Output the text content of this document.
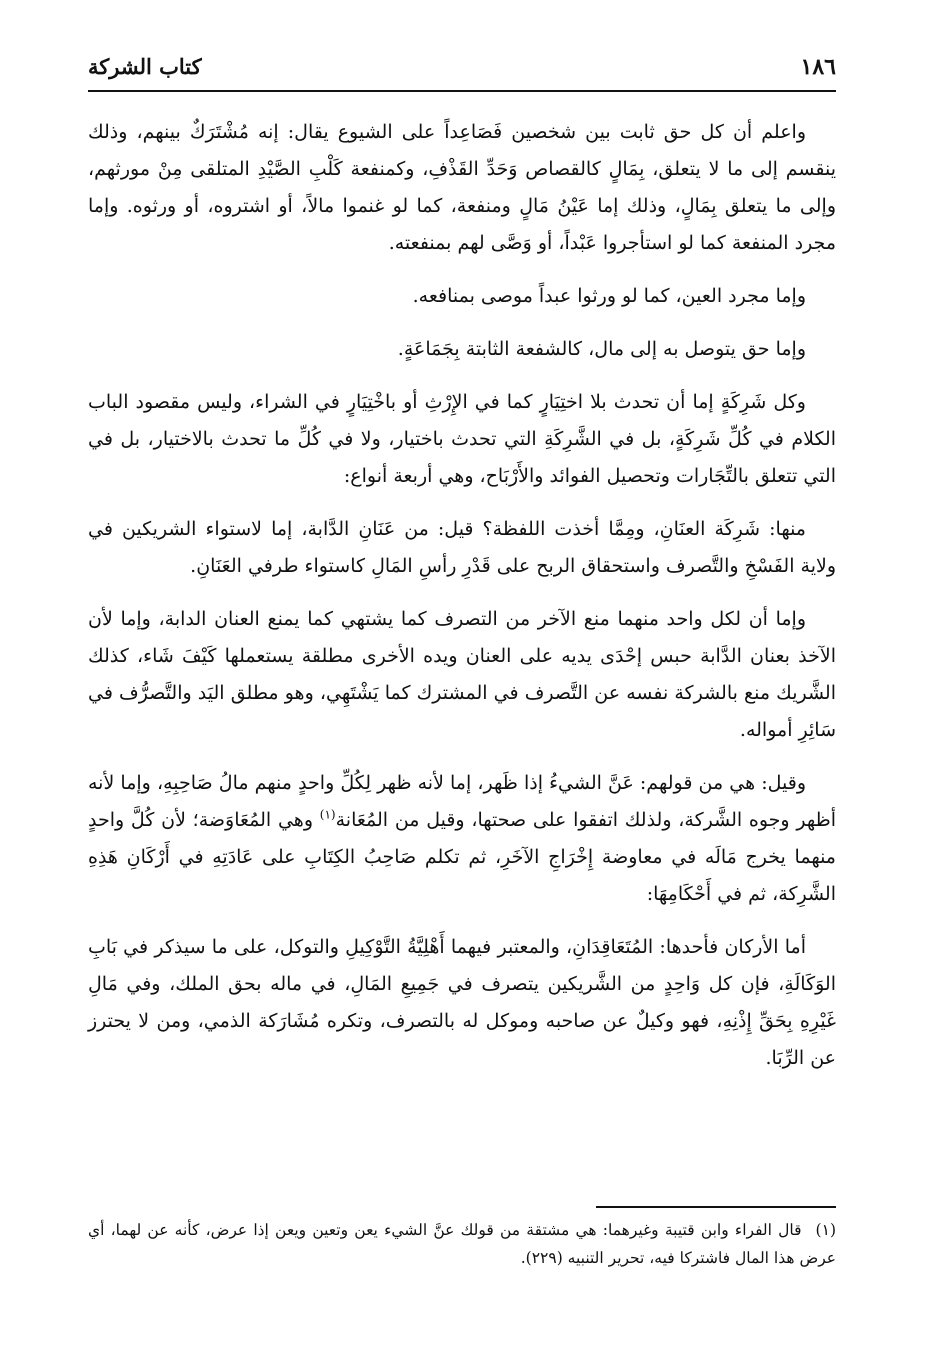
كتاب الشركة	١٨٦

واعلم أن كل حق ثابت بين شخصين فَصَاعِداً على الشيوع يقال: إنه مُشْتَرَكٌ بينهم، وذلك ينقسم إلى ما لا يتعلق، بِمَالٍ كالقصاص وَحَدِّ القَذْفِ، وكمنفعة كَلْبِ الصَّيْدِ المتلقى مِنْ مورثهم، وإلى ما يتعلق بِمَالٍ، وذلك إما عَيْنُ مَالٍ ومنفعة، كما لو غنموا مالاً، أو اشتروه، أو ورثوه. وإما مجرد المنفعة كما لو استأجروا عَبْداً، أو وَصَّى لهم بمنفعته.

وإما مجرد العين، كما لو ورثوا عبداً موصى بمنافعه.

وإما حق يتوصل به إلى مال، كالشفعة الثابتة بِجَمَاعَةٍ.

وكل شَرِكَةٍ إما أن تحدث بلا اختِيَارٍ كما في الإِرْثِ أو باخْتِيَارٍ في الشراء، وليس مقصود الباب الكلام في كُلِّ شَرِكَةٍ، بل في الشَّرِكَةِ التي تحدث باختيار، ولا في كُلِّ ما تحدث بالاختيار، بل في التي تتعلق بالتِّجَارات وتحصيل الفوائد والأَرْبَاح، وهي أربعة أنواع:

منها: شَرِكَة العنَانِ، ومِمَّا أخذت اللفظة؟ قيل: من عَنَانِ الدَّابة، إما لاستواء الشريكين في ولاية الفَسْخِ والتَّصرف واستحقاق الربح على قَدْرِ رأسِ المَالِ كاستواء طرفي العَنَانِ.

وإما أن لكل واحد منهما منع الآخر من التصرف كما يشتهي كما يمنع العنان الدابة، وإما لأن الآخذ بعنان الدَّابة حبس إحْدَى يديه على العنان ويده الأخرى مطلقة يستعملها كَيْفَ شَاء، كذلك الشَّريك منع بالشركة نفسه عن التَّصرف في المشترك كما يَشْتَهِي، وهو مطلق اليَد والتَّصرُّف في سَائِرِ أمواله.

وقيل: هي من قولهم: عَنَّ الشيءُ إذا ظَهر، إما لأنه ظهر لِكُلِّ واحدٍ منهم مالُ صَاحِبِهِ، وإما لأنه أظهر وجوه الشَّركة، ولذلك اتفقوا على صحتها، وقيل من المُعَانة$^{(١)}$ وهي المُعَاوَضة؛ لأن كُلَّ واحدٍ منهما يخرج مَالَه في معاوضة إِخْرَاجِ الآخَرِ، ثم تكلم صَاحِبُ الكِتَابِ على عَادَتِهِ في أَرْكَانِ هَذِهِ الشَّرِكة، ثم في أَحْكَامِهَا:

أما الأركان فأحدها: المُتَعَاقِدَانِ، والمعتبر فيهما أَهْلِيَّةُ التَّوْكِيلِ والتوكل، على ما سيذكر في بَابِ الوَكَالَةِ، فإن كل وَاحِدٍ من الشَّريكين يتصرف في جَمِيعِ المَالِ، في ماله بحق الملك، وفي مَالِ غَيْرِهِ بِحَقِّ إِذْنِهِ، فهو وكيلٌ عن صاحبه وموكل له بالتصرف، وتكره مُشَارَكة الذمي، ومن لا يحترز عن الرِّبَا.

(١)قال الفراء وابن قتيبة وغيرهما: هي مشتقة من قولك عنَّ الشيء يعن وتعين ويعن إذا عرض، كأنه عن لهما، أي عرض هذا المال فاشتركا فيه، تحرير التنبيه (٢٢٩).
